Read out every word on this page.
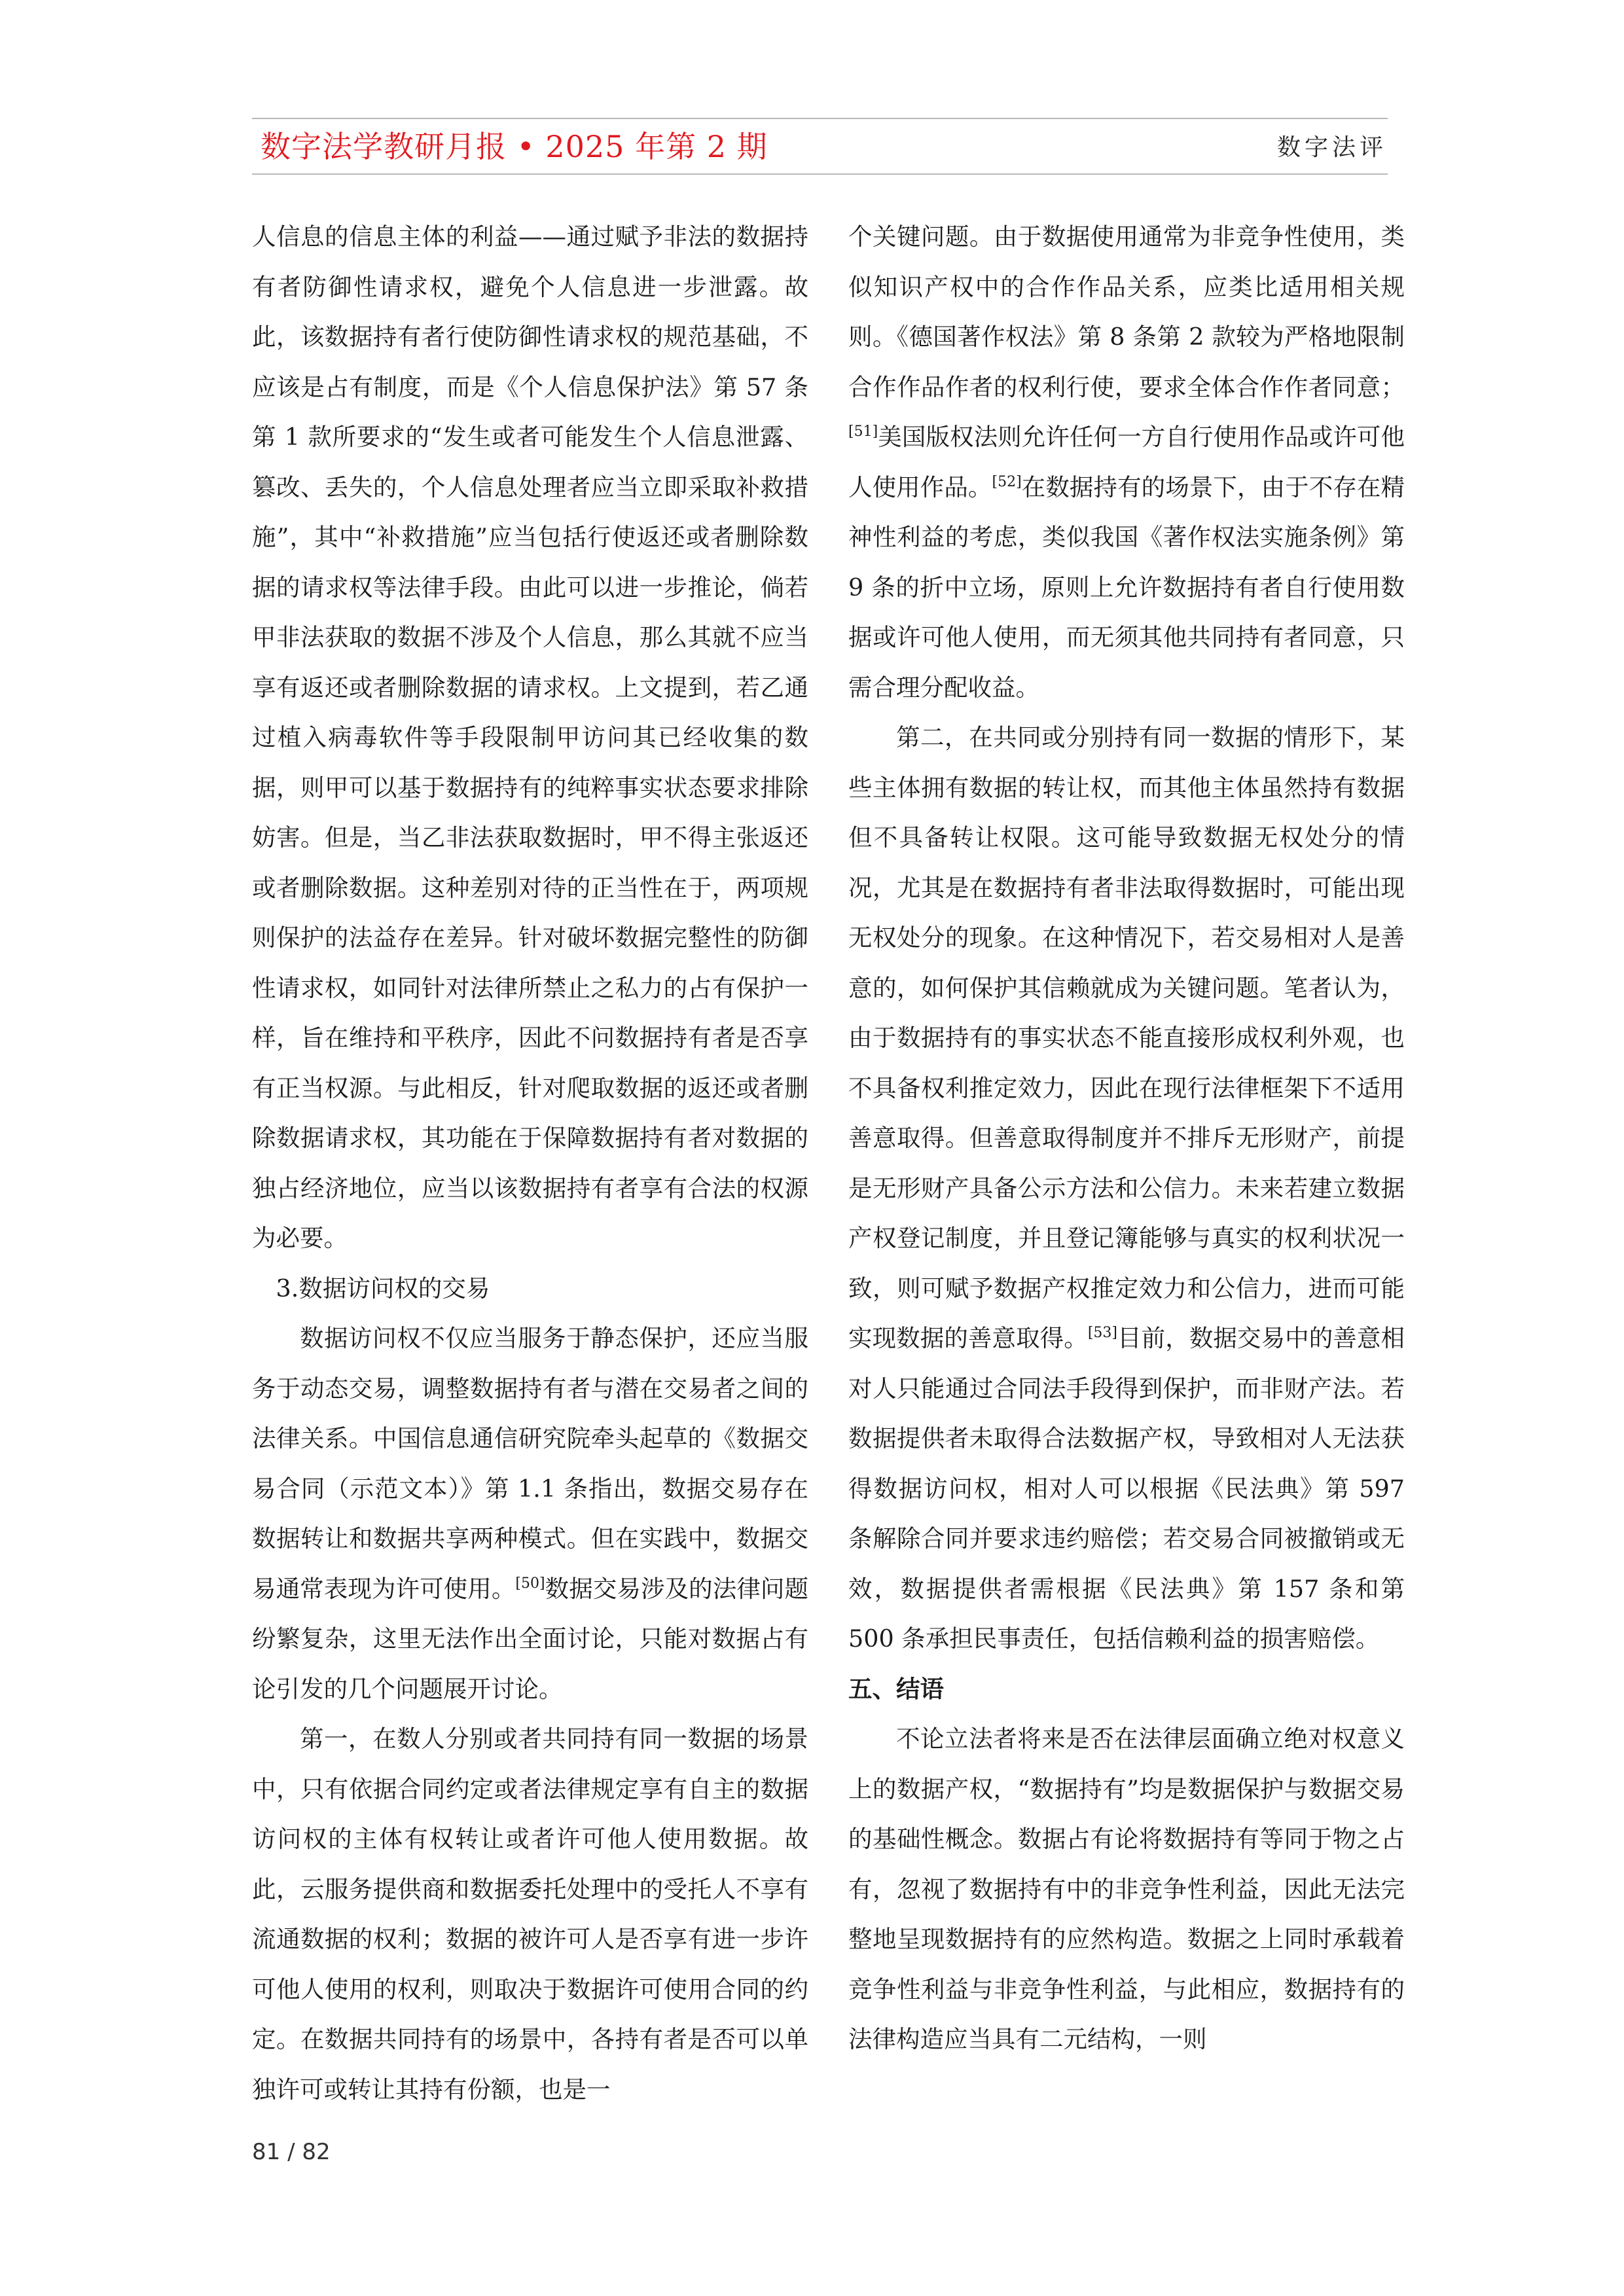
数字法学教研月报 • 2025 年第 2 期	数字法评

人信息的信息主体的利益——通过赋予非法的数据持有者防御性请求权，避免个人信息进一步泄露。故此，该数据持有者行使防御性请求权的规范基础，不应该是占有制度，而是《个人信息保护法》第 57 条第 1 款所要求的“发生或者可能发生个人信息泄露、篡改、丢失的，个人信息处理者应当立即采取补救措施”，其中“补救措施”应当包括行使返还或者删除数据的请求权等法律手段。由此可以进一步推论，倘若甲非法获取的数据不涉及个人信息，那么其就不应当享有返还或者删除数据的请求权。上文提到，若乙通过植入病毒软件等手段限制甲访问其已经收集的数据，则甲可以基于数据持有的纯粹事实状态要求排除妨害。但是，当乙非法获取数据时，甲不得主张返还或者删除数据。这种差别对待的正当性在于，两项规则保护的法益存在差异。针对破坏数据完整性的防御性请求权，如同针对法律所禁止之私力的占有保护一样，旨在维持和平秩序，因此不问数据持有者是否享有正当权源。与此相反，针对爬取数据的返还或者删除数据请求权，其功能在于保障数据持有者对数据的独占经济地位，应当以该数据持有者享有合法的权源为必要。

3.数据访问权的交易

数据访问权不仅应当服务于静态保护，还应当服务于动态交易，调整数据持有者与潜在交易者之间的法律关系。中国信息通信研究院牵头起草的《数据交易合同（示范文本）》第 1.1 条指出，数据交易存在数据转让和数据共享两种模式。但在实践中，数据交易通常表现为许可使用。[50]数据交易涉及的法律问题纷繁复杂，这里无法作出全面讨论，只能对数据占有论引发的几个问题展开讨论。

第一，在数人分别或者共同持有同一数据的场景中，只有依据合同约定或者法律规定享有自主的数据访问权的主体有权转让或者许可他人使用数据。故此，云服务提供商和数据委托处理中的受托人不享有流通数据的权利；数据的被许可人是否享有进一步许可他人使用的权利，则取决于数据许可使用合同的约定。在数据共同持有的场景中，各持有者是否可以单独许可或转让其持有份额，也是一

个关键问题。由于数据使用通常为非竞争性使用，类似知识产权中的合作作品关系，应类比适用相关规则。《德国著作权法》第 8 条第 2 款较为严格地限制合作作品作者的权利行使，要求全体合作作者同意；[51]美国版权法则允许任何一方自行使用作品或许可他人使用作品。[52]在数据持有的场景下，由于不存在精神性利益的考虑，类似我国《著作权法实施条例》第 9 条的折中立场，原则上允许数据持有者自行使用数据或许可他人使用，而无须其他共同持有者同意，只需合理分配收益。

第二，在共同或分别持有同一数据的情形下，某些主体拥有数据的转让权，而其他主体虽然持有数据但不具备转让权限。这可能导致数据无权处分的情况，尤其是在数据持有者非法取得数据时，可能出现无权处分的现象。在这种情况下，若交易相对人是善意的，如何保护其信赖就成为关键问题。笔者认为，由于数据持有的事实状态不能直接形成权利外观，也不具备权利推定效力，因此在现行法律框架下不适用善意取得。但善意取得制度并不排斥无形财产，前提是无形财产具备公示方法和公信力。未来若建立数据产权登记制度，并且登记簿能够与真实的权利状况一致，则可赋予数据产权推定效力和公信力，进而可能实现数据的善意取得。[53]目前，数据交易中的善意相对人只能通过合同法手段得到保护，而非财产法。若数据提供者未取得合法数据产权，导致相对人无法获得数据访问权，相对人可以根据《民法典》第 597 条解除合同并要求违约赔偿；若交易合同被撤销或无效，数据提供者需根据《民法典》第 157 条和第 500 条承担民事责任，包括信赖利益的损害赔偿。

五、结语

不论立法者将来是否在法律层面确立绝对权意义上的数据产权，“数据持有”均是数据保护与数据交易的基础性概念。数据占有论将数据持有等同于物之占有，忽视了数据持有中的非竞争性利益，因此无法完整地呈现数据持有的应然构造。数据之上同时承载着竞争性利益与非竞争性利益，与此相应，数据持有的法律构造应当具有二元结构，一则

81 / 82
